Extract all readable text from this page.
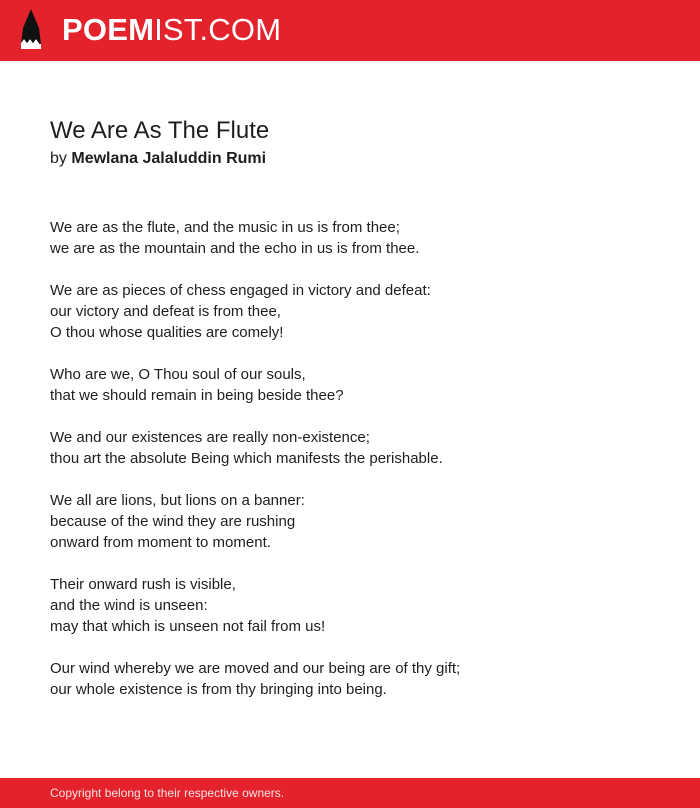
POEMIST.COM
We Are As The Flute
by Mewlana Jalaluddin Rumi

We are as the flute, and the music in us is from thee;
we are as the mountain and the echo in us is from thee.

We are as pieces of chess engaged in victory and defeat:
our victory and defeat is from thee,
O thou whose qualities are comely!

Who are we, O Thou soul of our souls,
that we should remain in being beside thee?

We and our existences are really non-existence;
thou art the absolute Being which manifests the perishable.

We all are lions, but lions on a banner:
because of the wind they are rushing
onward from moment to moment.

Their onward rush is visible,
and the wind is unseen:
may that which is unseen not fail from us!

Our wind whereby we are moved and our being are of thy gift;
our whole existence is from thy bringing into being.

Copyright belong to their respective owners.
